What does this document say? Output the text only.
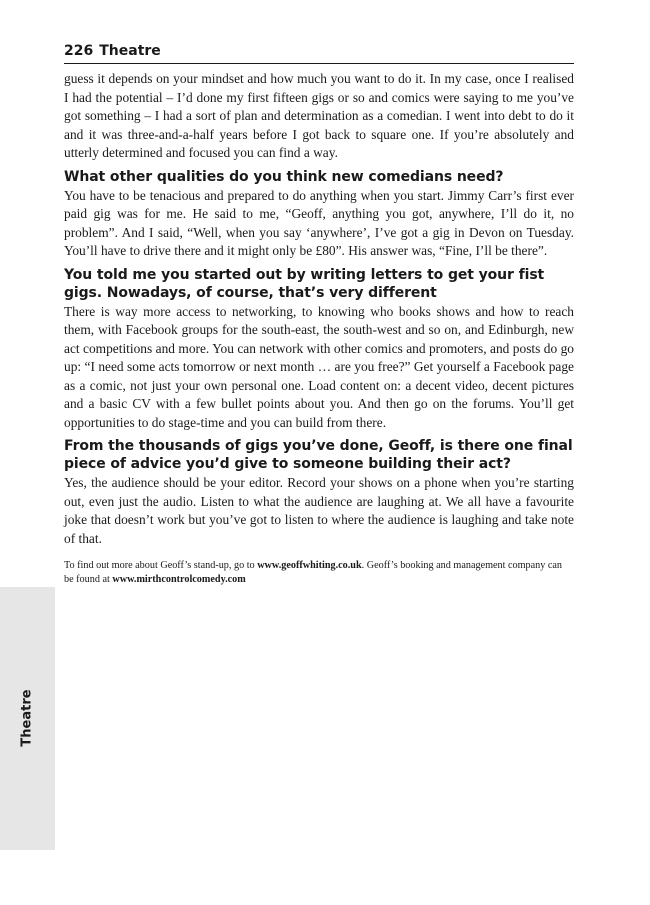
226 Theatre

guess it depends on your mindset and how much you want to do it. In my case, once I realised I had the potential – I’d done my first fifteen gigs or so and comics were saying to me you’ve got something – I had a sort of plan and determination as a comedian. I went into debt to do it and it was three-and-a-half years before I got back to square one. If you’re absolutely and utterly determined and focused you can find a way.

What other qualities do you think new comedians need?

You have to be tenacious and prepared to do anything when you start. Jimmy Carr’s first ever paid gig was for me. He said to me, “Geoff, anything you got, anywhere, I’ll do it, no problem”. And I said, “Well, when you say ‘anywhere’, I’ve got a gig in Devon on Tuesday. You’ll have to drive there and it might only be £80”. His answer was, “Fine, I’ll be there”.

You told me you started out by writing letters to get your fist gigs. Nowadays, of course, that’s very different

There is way more access to networking, to knowing who books shows and how to reach them, with Facebook groups for the south-east, the south-west and so on, and Edinburgh, new act competitions and more. You can network with other comics and promoters, and posts do go up: “I need some acts tomorrow or next month … are you free?” Get yourself a Facebook page as a comic, not just your own personal one. Load content on: a decent video, decent pictures and a basic CV with a few bullet points about you. And then go on the forums. You’ll get opportunities to do stage-time and you can build from there.

From the thousands of gigs you’ve done, Geoff, is there one final piece of advice you’d give to someone building their act?

Yes, the audience should be your editor. Record your shows on a phone when you’re starting out, even just the audio. Listen to what the audience are laughing at. We all have a favourite joke that doesn’t work but you’ve got to listen to where the audience is laughing and take note of that.

To find out more about Geoff’s stand-up, go to www.geoffwhiting.co.uk. Geoff’s booking and management company can be found at www.mirthcontrolcomedy.com
Theatre
